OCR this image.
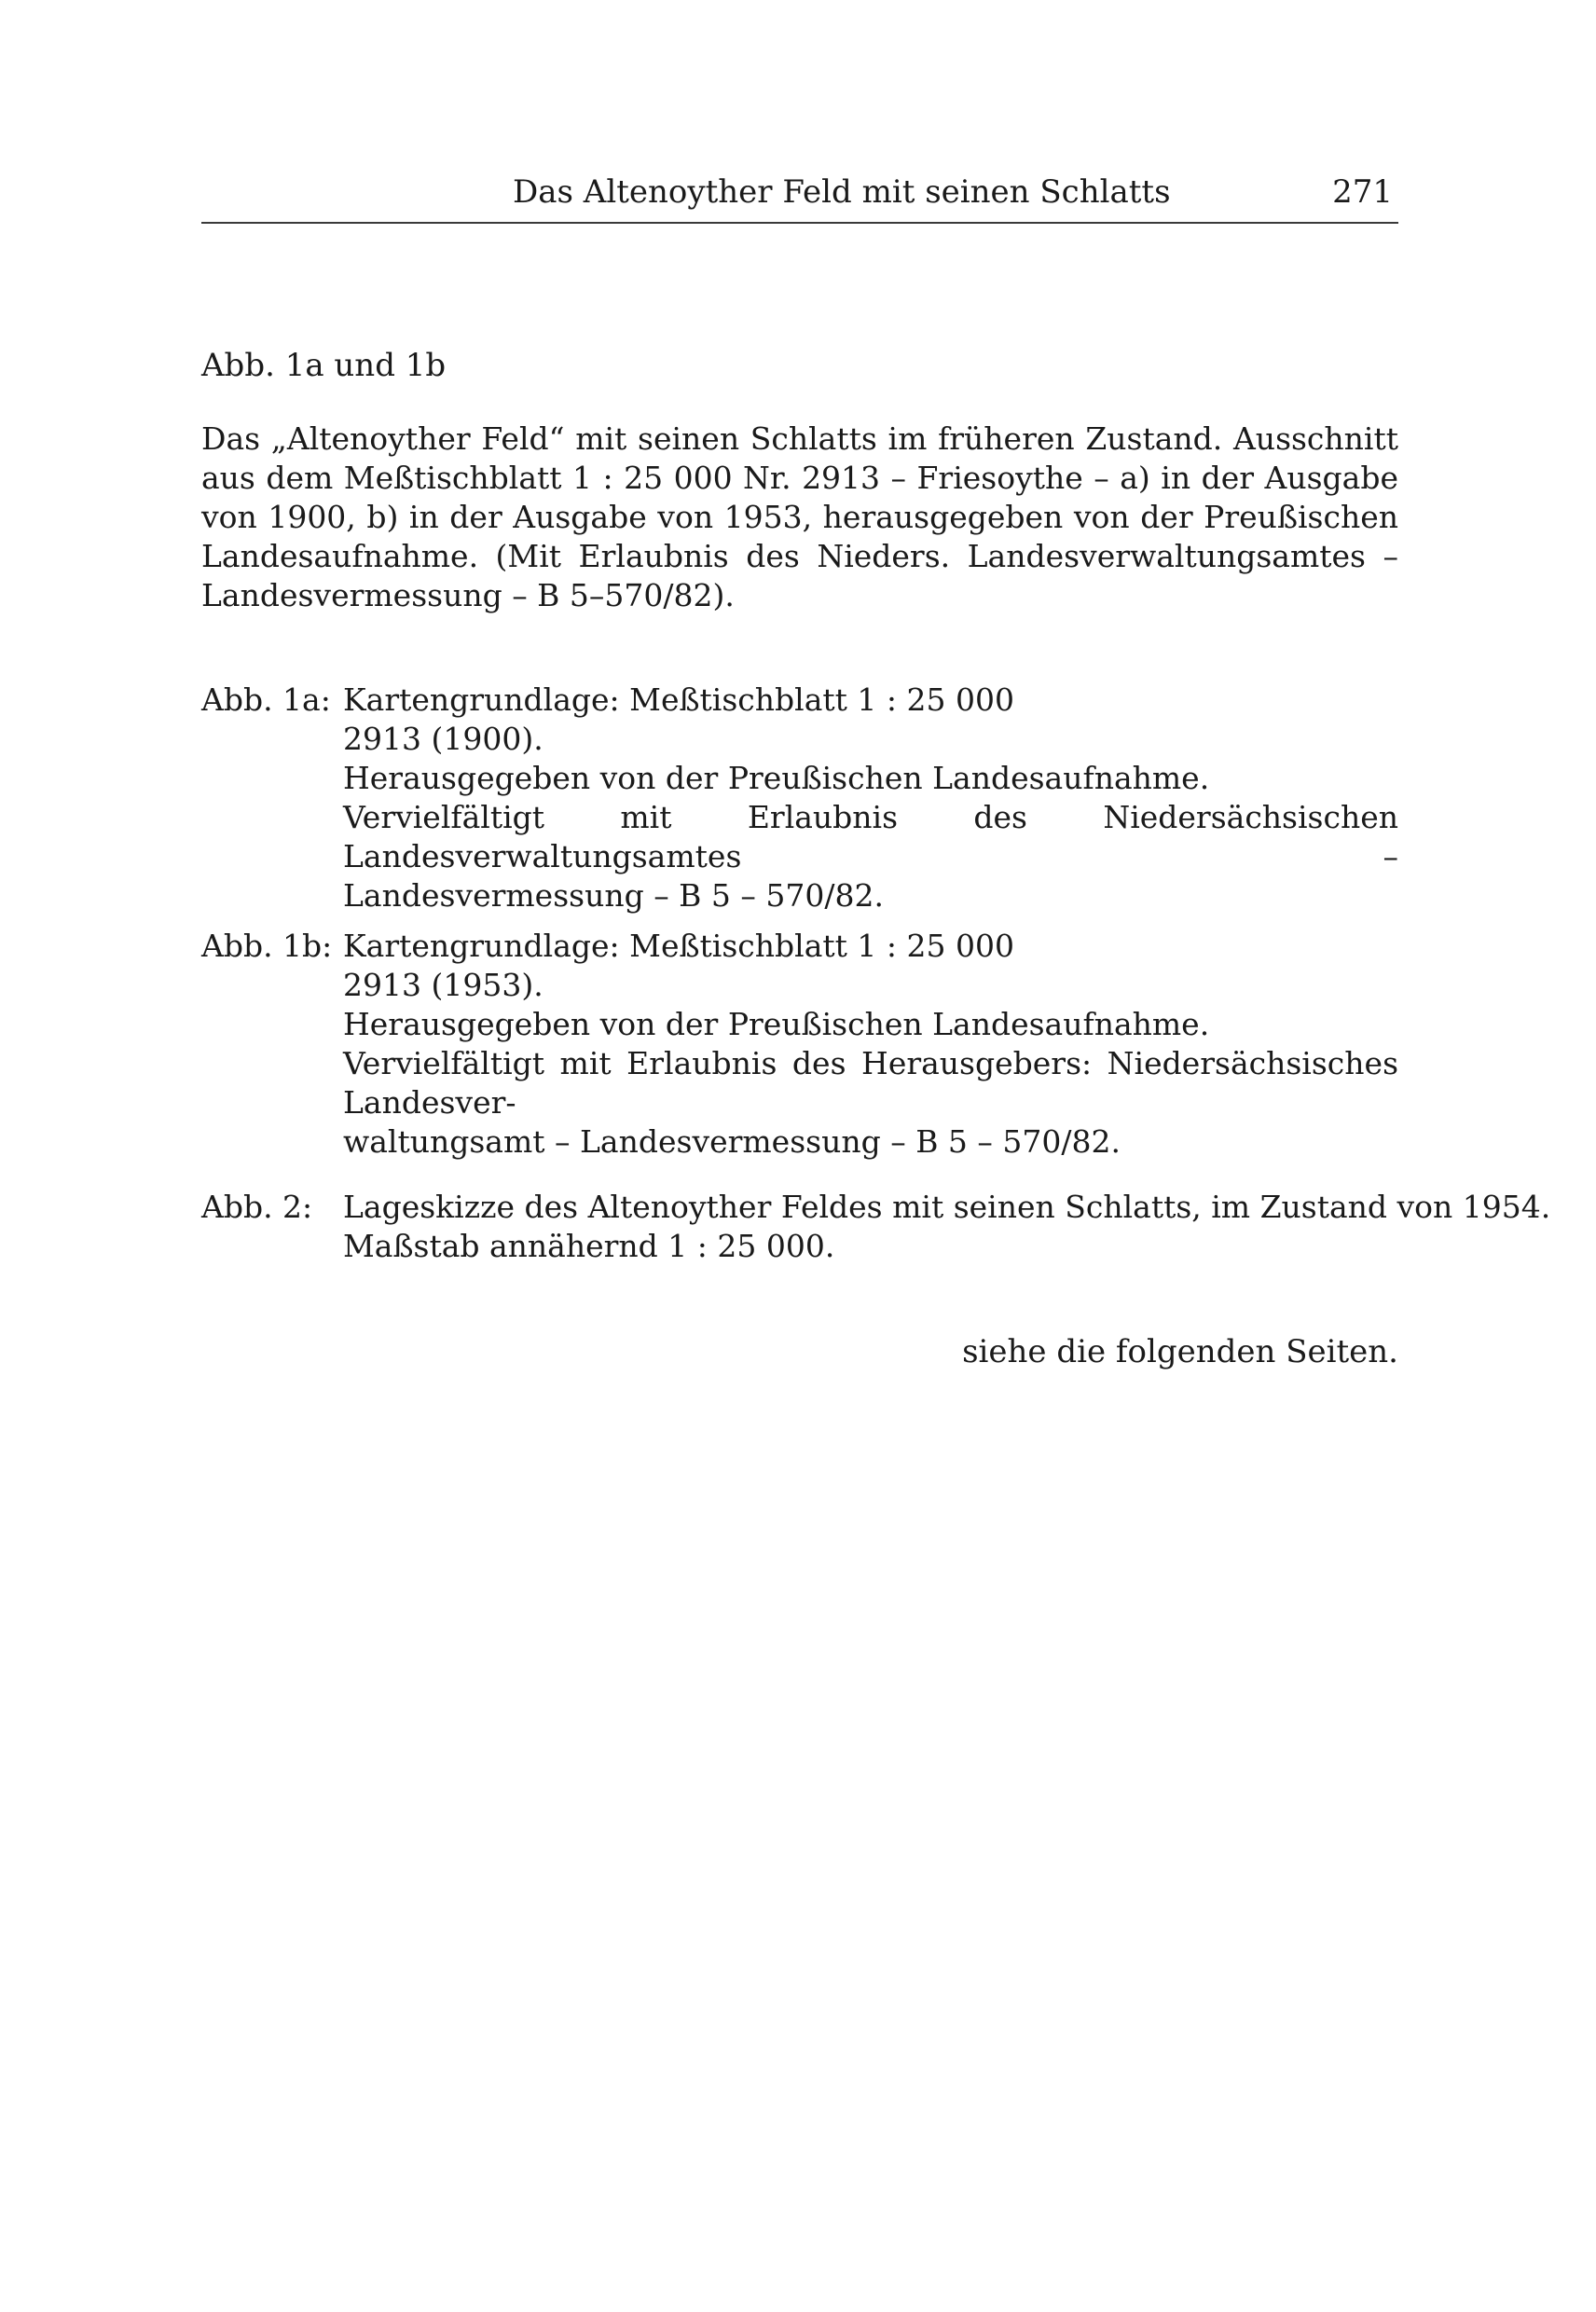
Das Altenoyther Feld mit seinen Schlatts	271
Abb. 1a und 1b
Das „Altenoyther Feld“ mit seinen Schlatts im früheren Zustand. Ausschnitt aus dem Meßtischblatt 1 : 25 000 Nr. 2913 – Friesoythe – a) in der Ausgabe von 1900, b) in der Ausgabe von 1953, herausgegeben von der Preußischen Landesaufnahme. (Mit Erlaubnis des Nieders. Landesverwaltungsamtes – Landesvermessung – B 5–570/82).
Abb. 1a: Kartengrundlage: Meßtischblatt 1 : 25 000
2913 (1900).
Herausgegeben von der Preußischen Landesaufnahme.
Vervielfältigt mit Erlaubnis des Niedersächsischen Landesverwaltungsamtes –
Landesvermessung – B 5 – 570/82.
Abb. 1b: Kartengrundlage: Meßtischblatt 1 : 25 000
2913 (1953).
Herausgegeben von der Preußischen Landesaufnahme.
Vervielfältigt mit Erlaubnis des Herausgebers: Niedersächsisches Landesver-
waltungsamt – Landesvermessung – B 5 – 570/82.
Abb. 2: Lageskizze des Altenoyther Feldes mit seinen Schlatts, im Zustand von 1954.
Maßstab annähernd 1 : 25 000.
siehe die folgenden Seiten.
